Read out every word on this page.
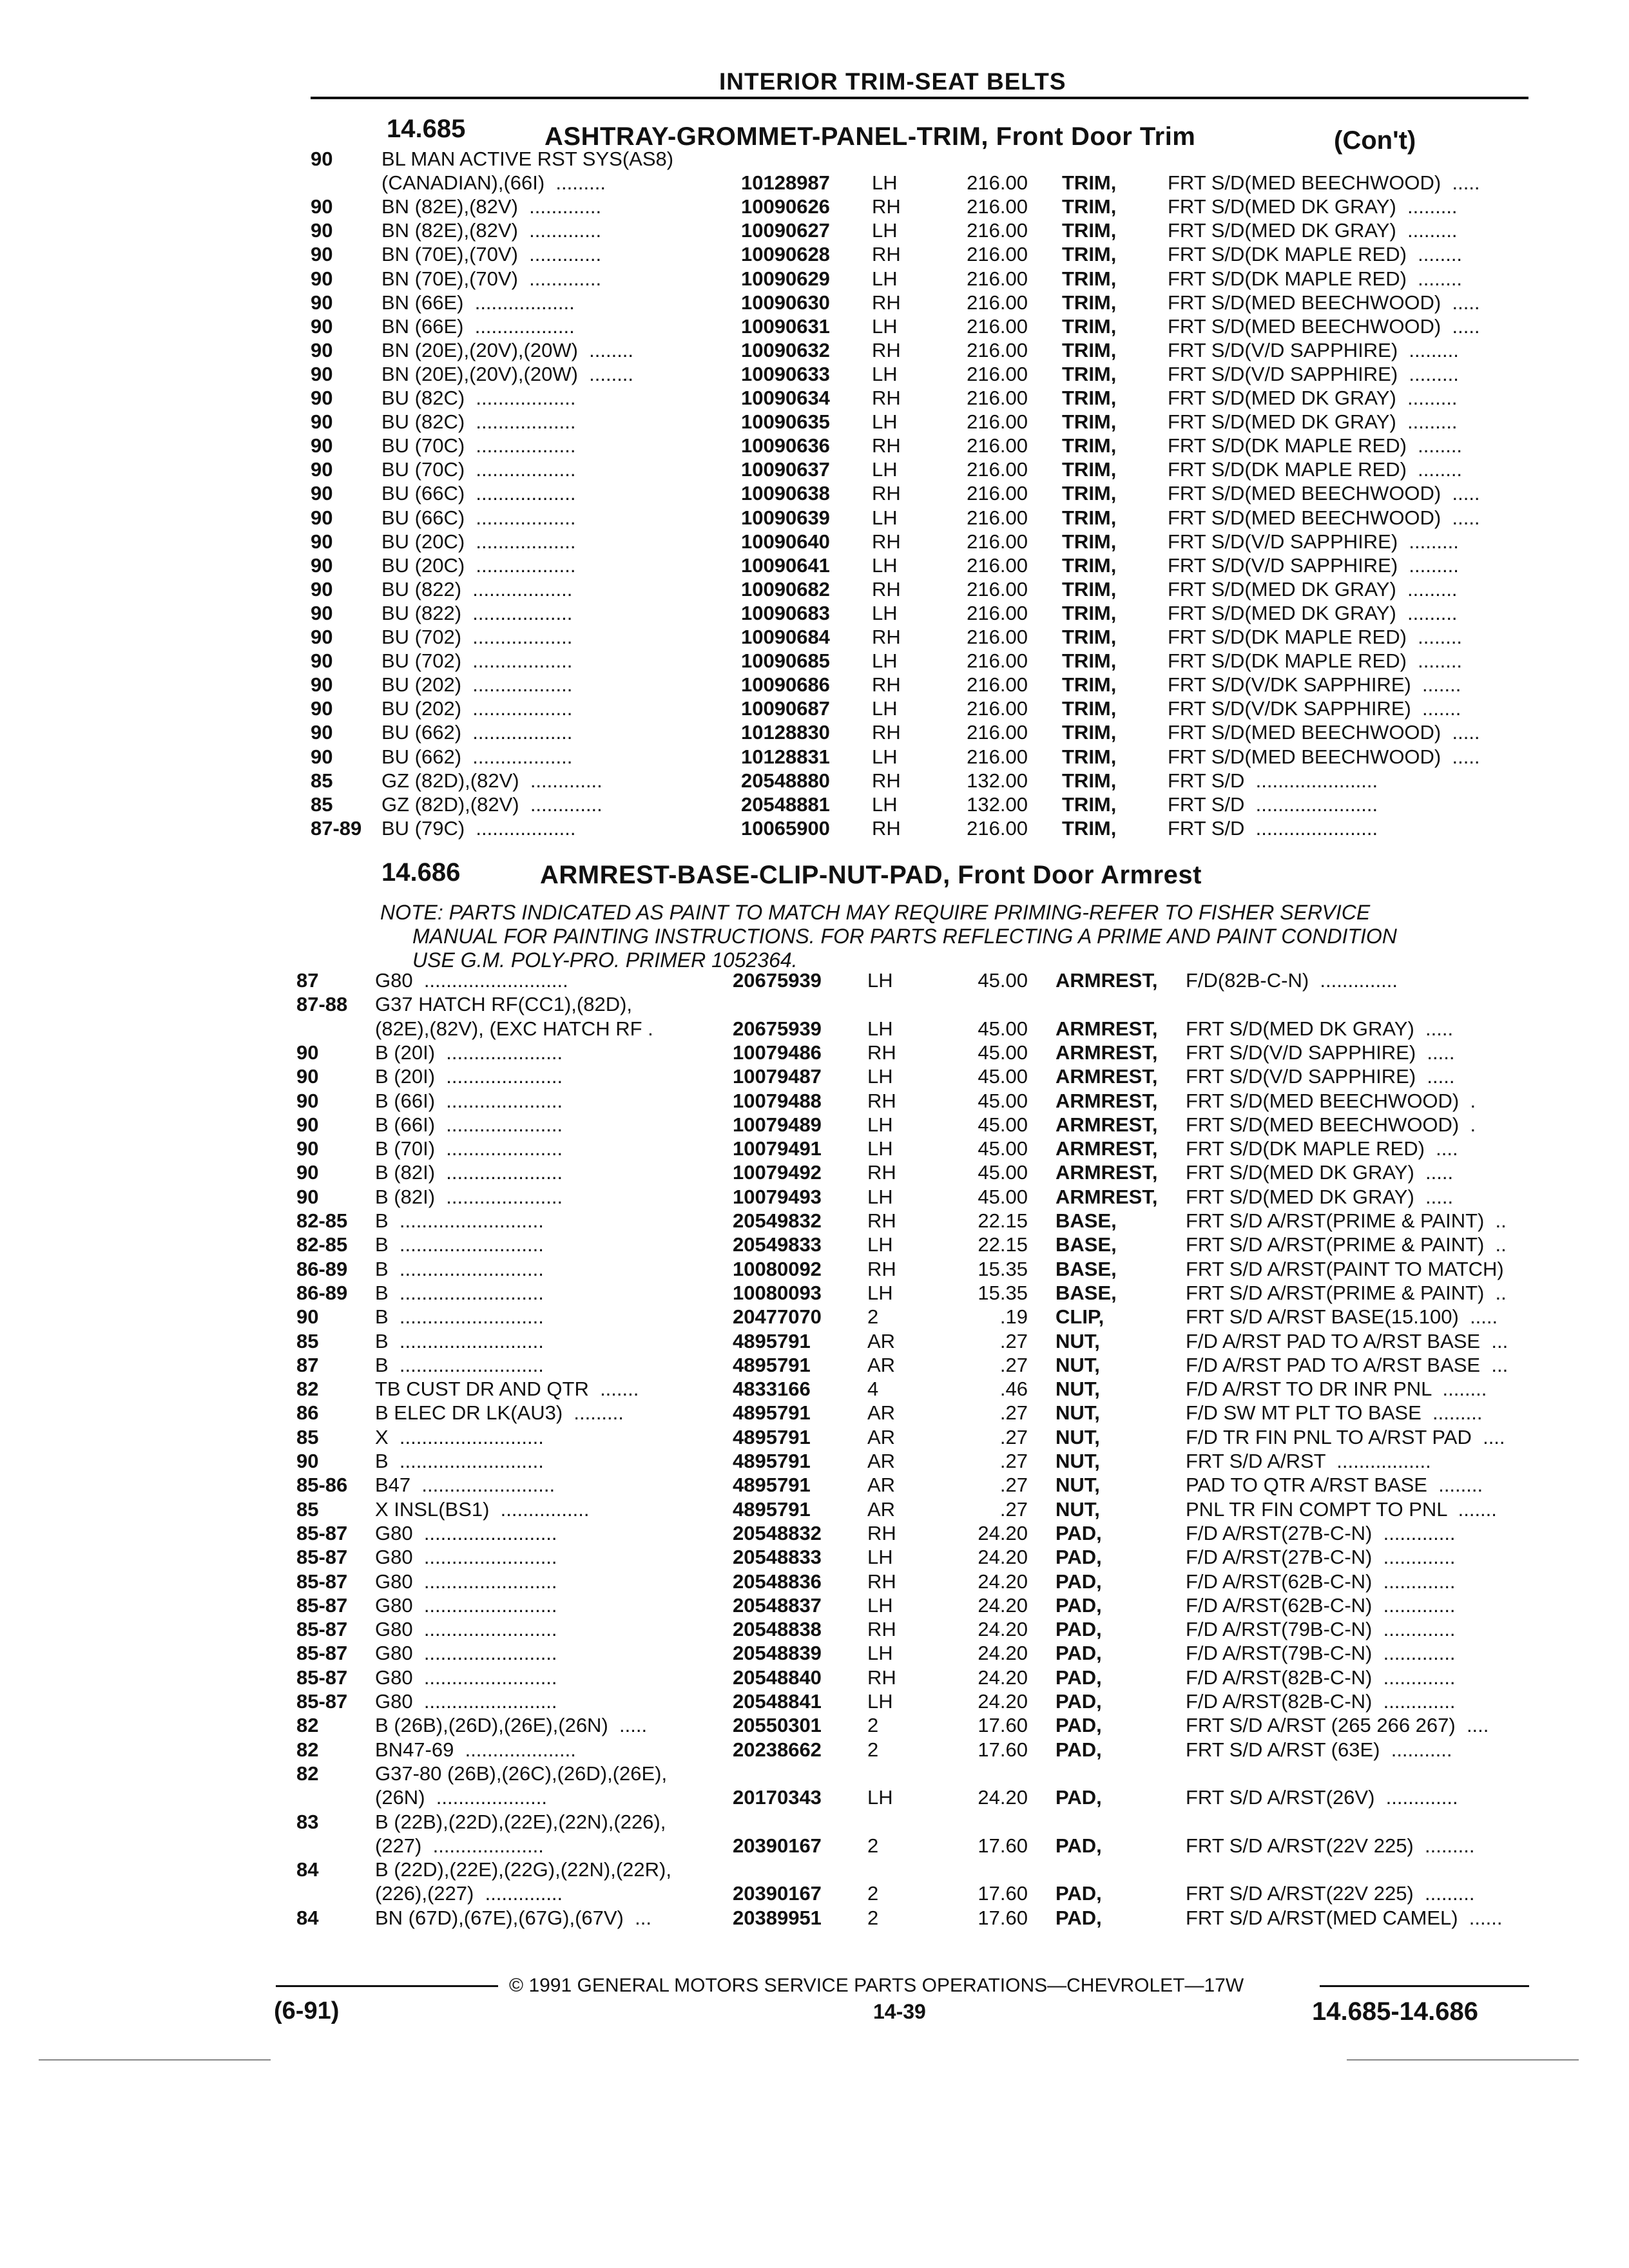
INTERIOR TRIM-SEAT BELTS
14.685	ASHTRAY-GROMMET-PANEL-TRIM, Front Door Trim	(Con't)
90 BL MAN ACTIVE RST SYS(AS8)
(CANADIAN),(66I)  .........	10128987 LH	216.00 TRIM,	FRT S/D(MED BEECHWOOD)  .....
90 BN (82E),(82V)  .............	10090626 RH	216.00 TRIM,	FRT S/D(MED DK GRAY)  .........
90 BN (82E),(82V)  .............	10090627 LH	216.00 TRIM,	FRT S/D(MED DK GRAY)  .........
90 BN (70E),(70V)  .............	10090628 RH	216.00 TRIM,	FRT S/D(DK MAPLE RED)  ........
90 BN (70E),(70V)  .............	10090629 LH	216.00 TRIM,	FRT S/D(DK MAPLE RED)  ........
90 BN (66E)  ..................	10090630 RH	216.00 TRIM,	FRT S/D(MED BEECHWOOD)  .....
90 BN (66E)  ..................	10090631 LH	216.00 TRIM,	FRT S/D(MED BEECHWOOD)  .....
90 BN (20E),(20V),(20W)  ........	10090632 RH	216.00 TRIM,	FRT S/D(V/D SAPPHIRE)  .........
90 BN (20E),(20V),(20W)  ........	10090633 LH	216.00 TRIM,	FRT S/D(V/D SAPPHIRE)  .........
90 BU (82C)  ..................	10090634 RH	216.00 TRIM,	FRT S/D(MED DK GRAY)  .........
90 BU (82C)  ..................	10090635 LH	216.00 TRIM,	FRT S/D(MED DK GRAY)  .........
90 BU (70C)  ..................	10090636 RH	216.00 TRIM,	FRT S/D(DK MAPLE RED)  ........
90 BU (70C)  ..................	10090637 LH	216.00 TRIM,	FRT S/D(DK MAPLE RED)  ........
90 BU (66C)  ..................	10090638 RH	216.00 TRIM,	FRT S/D(MED BEECHWOOD)  .....
90 BU (66C)  ..................	10090639 LH	216.00 TRIM,	FRT S/D(MED BEECHWOOD)  .....
90 BU (20C)  ..................	10090640 RH	216.00 TRIM,	FRT S/D(V/D SAPPHIRE)  .........
90 BU (20C)  ..................	10090641 LH	216.00 TRIM,	FRT S/D(V/D SAPPHIRE)  .........
90 BU (822)  ..................	10090682 RH	216.00 TRIM,	FRT S/D(MED DK GRAY)  .........
90 BU (822)  ..................	10090683 LH	216.00 TRIM,	FRT S/D(MED DK GRAY)  .........
90 BU (702)  ..................	10090684 RH	216.00 TRIM,	FRT S/D(DK MAPLE RED)  ........
90 BU (702)  ..................	10090685 LH	216.00 TRIM,	FRT S/D(DK MAPLE RED)  ........
90 BU (202)  ..................	10090686 RH	216.00 TRIM,	FRT S/D(V/DK SAPPHIRE)  .......
90 BU (202)  ..................	10090687 LH	216.00 TRIM,	FRT S/D(V/DK SAPPHIRE)  .......
90 BU (662)  ..................	10128830 RH	216.00 TRIM,	FRT S/D(MED BEECHWOOD)  .....
90 BU (662)  ..................	10128831 LH	216.00 TRIM,	FRT S/D(MED BEECHWOOD)  .....
85 GZ (82D),(82V)  .............	20548880 RH	132.00 TRIM,	FRT S/D  ......................
85 GZ (82D),(82V)  .............	20548881 LH	132.00 TRIM,	FRT S/D  ......................
87-89 BU (79C)  ..................	10065900 RH	216.00 TRIM,	FRT S/D  ......................
14.686	ARMREST-BASE-CLIP-NUT-PAD, Front Door Armrest
NOTE: PARTS INDICATED AS PAINT TO MATCH MAY REQUIRE PRIMING-REFER TO FISHER SERVICE
MANUAL FOR PAINTING INSTRUCTIONS. FOR PARTS REFLECTING A PRIME AND PAINT CONDITION
USE G.M. POLY-PRO. PRIMER 1052364.
87	G80  ..........................	20675939 LH	45.00 ARMREST, F/D(82B-C-N)  ..............
87-88 G37 HATCH RF(CC1),(82D),
(82E),(82V), (EXC HATCH RF .	20675939 LH	45.00 ARMREST, FRT S/D(MED DK GRAY)  .....
90	B (20I)  .....................	10079486 RH	45.00 ARMREST, FRT S/D(V/D SAPPHIRE)  .....
90	B (20I)  .....................	10079487 LH	45.00 ARMREST, FRT S/D(V/D SAPPHIRE)  .....
90	B (66I)  .....................	10079488 RH	45.00 ARMREST, FRT S/D(MED BEECHWOOD)  .
90	B (66I)  .....................	10079489 LH	45.00 ARMREST, FRT S/D(MED BEECHWOOD)  .
90	B (70I)  .....................	10079491 LH	45.00 ARMREST, FRT S/D(DK MAPLE RED)  ....
90	B (82I)  .....................	10079492 RH	45.00 ARMREST, FRT S/D(MED DK GRAY)  .....
90	B (82I)  .....................	10079493 LH	45.00 ARMREST, FRT S/D(MED DK GRAY)  .....
82-85 B  ..........................	20549832 RH	22.15 BASE,	FRT S/D A/RST(PRIME & PAINT)  ..
82-85 B  ..........................	20549833 LH	22.15 BASE,	FRT S/D A/RST(PRIME & PAINT)  ..
86-89 B  ..........................	10080092 RH	15.35 BASE,	FRT S/D A/RST(PAINT TO MATCH)
86-89 B  ..........................	10080093 LH	15.35 BASE,	FRT S/D A/RST(PRIME & PAINT)  ..
90	B  ..........................	20477070 2	.19 CLIP,	FRT S/D A/RST BASE(15.100)  .....
85	B  ..........................	4895791	AR	.27 NUT,	F/D A/RST PAD TO A/RST BASE  ...
87	B  ..........................	4895791	AR	.27 NUT,	F/D A/RST PAD TO A/RST BASE  ...
82	TB CUST DR AND QTR  .......	4833166	4	.46 NUT,	F/D A/RST TO DR INR PNL  ........
86	B ELEC DR LK(AU3)  .........	4895791	AR	.27 NUT,	F/D SW MT PLT TO BASE  .........
85	X  ..........................	4895791	AR	.27 NUT,	F/D TR FIN PNL TO A/RST PAD  ....
90	B  ..........................	4895791	AR	.27 NUT,	FRT S/D A/RST  .................
85-86 B47  ........................	4895791	AR	.27 NUT,	PAD TO QTR A/RST BASE  ........
85	X INSL(BS1)  ................	4895791	AR	.27 NUT,	PNL TR FIN COMPT TO PNL  .......
85-87 G80  ........................	20548832 RH	24.20 PAD,	F/D A/RST(27B-C-N)  .............
85-87 G80  ........................	20548833 LH	24.20 PAD,	F/D A/RST(27B-C-N)  .............
85-87 G80  ........................	20548836 RH	24.20 PAD,	F/D A/RST(62B-C-N)  .............
85-87 G80  ........................	20548837 LH	24.20 PAD,	F/D A/RST(62B-C-N)  .............
85-87 G80  ........................	20548838 RH	24.20 PAD,	F/D A/RST(79B-C-N)  .............
85-87 G80  ........................	20548839 LH	24.20 PAD,	F/D A/RST(79B-C-N)  .............
85-87 G80  ........................	20548840 RH	24.20 PAD,	F/D A/RST(82B-C-N)  .............
85-87 G80  ........................	20548841 LH	24.20 PAD,	F/D A/RST(82B-C-N)  .............
82	B (26B),(26D),(26E),(26N)  .....	20550301 2	17.60 PAD,	FRT S/D A/RST (265 266 267)  ....
82	BN47-69  ....................	20238662 2	17.60 PAD,	FRT S/D A/RST (63E)  ...........
82	G37-80 (26B),(26C),(26D),(26E),
(26N)  ....................	20170343 LH	24.20 PAD,	FRT S/D A/RST(26V)  .............
83	B (22B),(22D),(22E),(22N),(226),
(227)  ....................	20390167 2	17.60 PAD,	FRT S/D A/RST(22V 225)  .........
84	B (22D),(22E),(22G),(22N),(22R),
(226),(227)  ..............	20390167 2	17.60 PAD,	FRT S/D A/RST(22V 225)  .........
84	BN (67D),(67E),(67G),(67V)  ...	20389951 2	17.60 PAD,	FRT S/D A/RST(MED CAMEL)  ......
© 1991 GENERAL MOTORS SERVICE PARTS OPERATIONS—CHEVROLET—17W
(6-91)	14-39	14.685-14.686
